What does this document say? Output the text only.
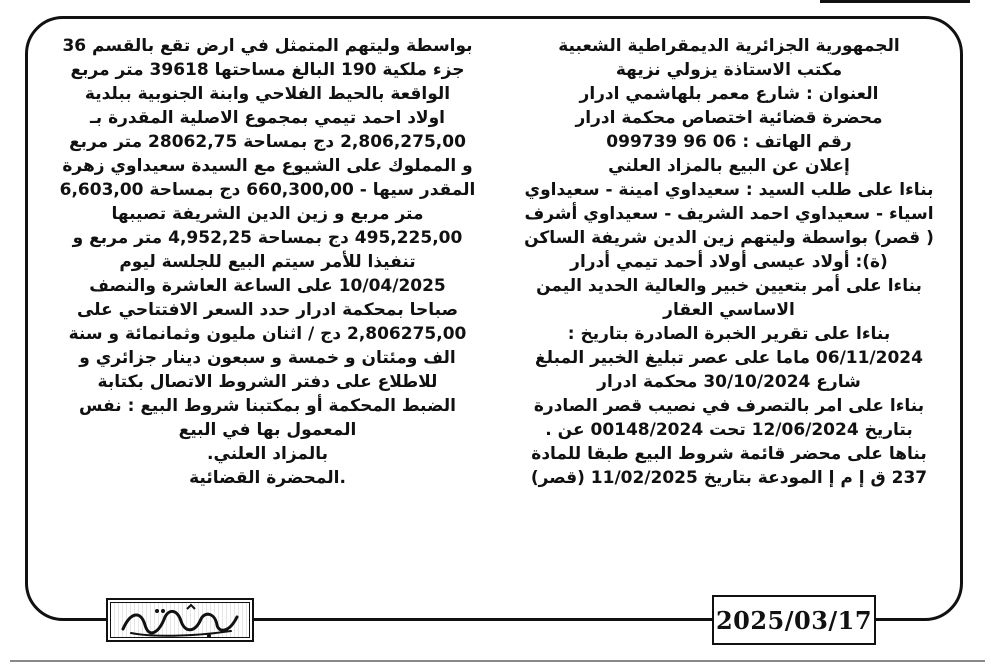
الجمهورية الجزائرية الديمقراطية الشعبية
مكتب الاستاذة يزولي نزيهة
العنوان : شارع معمر بلهاشمي ادرار
محضرة قضائية اختصاص محكمة ادرار
رقم الهاتف : 06 96 099739
إعلان عن البيع بالمزاد العلني
بناءا على طلب السيد : سعيداوي امينة - سعيداوي
اسياء - سعيداوي احمد الشريف - سعيداوي أشرف
( قصر) بواسطة وليتهم زين الدين شريفة الساكن
(ة): أولاد عيسى أولاد أحمد تيمي أدرار
بناءا على أمر بتعيين خبير والعالية الحديد اليمن
الاساسي العقار
بناءا على تقرير الخبرة الصادرة بتاريخ :
06/11/2024 ماما على عصر تبليغ الخبير المبلغ
شارع 30/10/2024 محكمة ادرار
بناءا على امر بالتصرف في نصيب قصر الصادرة
بتاريخ 12/06/2024 تحت 00148/2024 عن .
بناها على محضر قائمة شروط البيع طبقا للمادة
237 ق إ م إ المودعة بتاريخ 11/02/2025 (قصر)
بواسطة وليتهم المتمثل في ارض تقع بالقسم 36
جزء ملكية 190 البالغ مساحتها 39618 متر مربع
الواقعة بالحيط الفلاحي وابنة الجنوبية ببلدية
اولاد احمد تيمي بمجموع الاصلية المقدرة بـ
2,806,275,00 دج بمساحة 28062,75 متر مربع
و المملوك على الشيوع مع السيدة سعيداوي زهرة
المقدر سيها - 660,300,00 دج بمساحة 6,603,00
متر مربع و زين الدين الشريفة تصيبها
495,225,00 دج بمساحة 4,952,25 متر مربع و
تنفيذا للأمر سيتم البيع للجلسة ليوم
10/04/2025 على الساعة العاشرة والنصف
صباحا بمحكمة ادرار حدد السعر الافتتاحي على
2,806275,00 دج / اثنان مليون وثمانمائة و سنة
الف ومئتان و خمسة و سبعون دينار جزائري و
للاطلاع على دفتر الشروط الاتصال بكتابة
الضبط المحكمة أو بمكتبنا شروط البيع : نفس
المعمول بها في البيع
بالمزاد العلني.
.المحضرة القضائية
2025/03/17
